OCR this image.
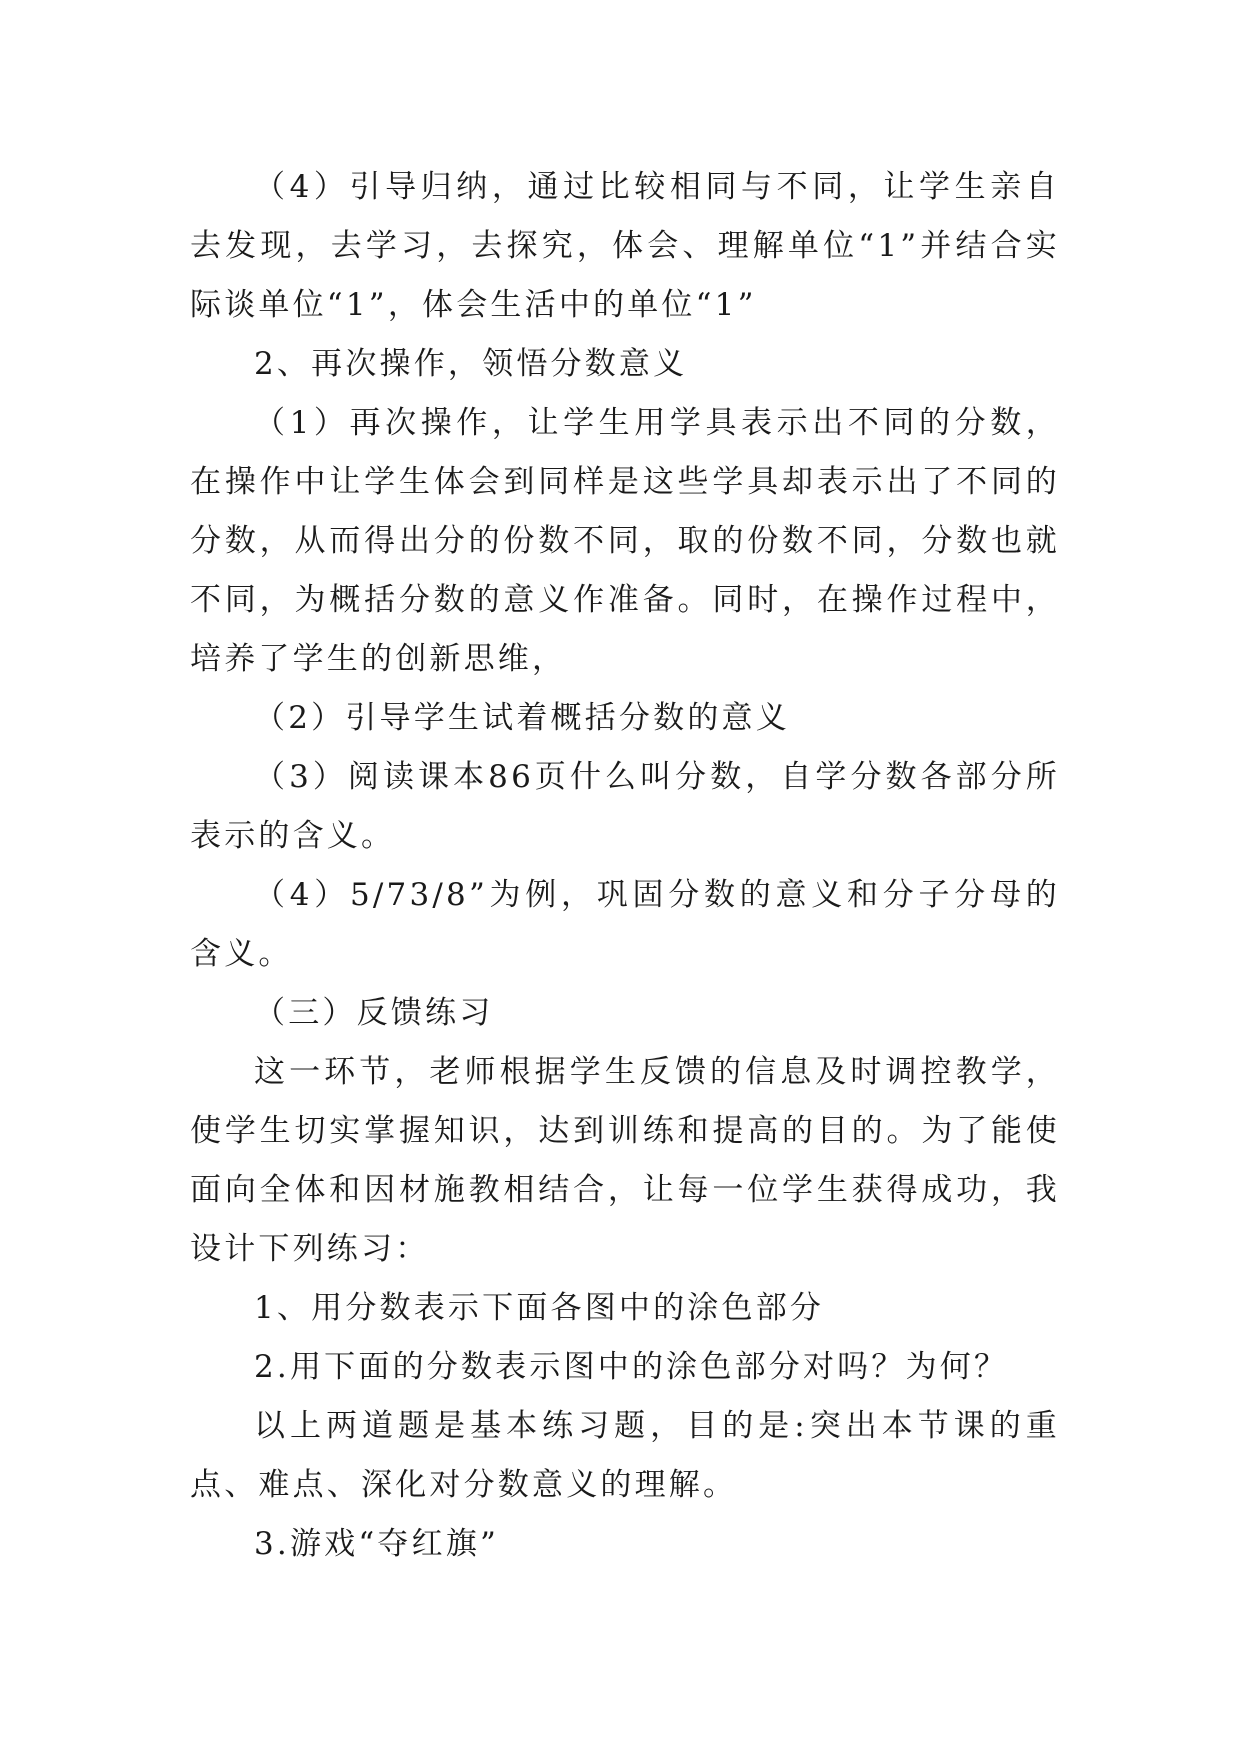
（4）引导归纳，通过比较相同与不同，让学生亲自去发现，去学习，去探究，体会、理解单位“1”并结合实际谈单位“1”，体会生活中的单位“1”

2、再次操作，领悟分数意义

（1）再次操作，让学生用学具表示出不同的分数，在操作中让学生体会到同样是这些学具却表示出了不同的分数，从而得出分的份数不同，取的份数不同，分数也就不同，为概括分数的意义作准备。同时，在操作过程中，培养了学生的创新思维，

（2）引导学生试着概括分数的意义

（3）阅读课本86页什么叫分数，自学分数各部分所表示的含义。

（4）5/73/8”为例，巩固分数的意义和分子分母的含义。

（三）反馈练习

这一环节，老师根据学生反馈的信息及时调控教学，使学生切实掌握知识，达到训练和提高的目的。为了能使面向全体和因材施教相结合，让每一位学生获得成功，我设计下列练习：

1、用分数表示下面各图中的涂色部分

2.用下面的分数表示图中的涂色部分对吗？为何？

以上两道题是基本练习题，目的是:突出本节课的重点、难点、深化对分数意义的理解。

3.游戏“夺红旗”
